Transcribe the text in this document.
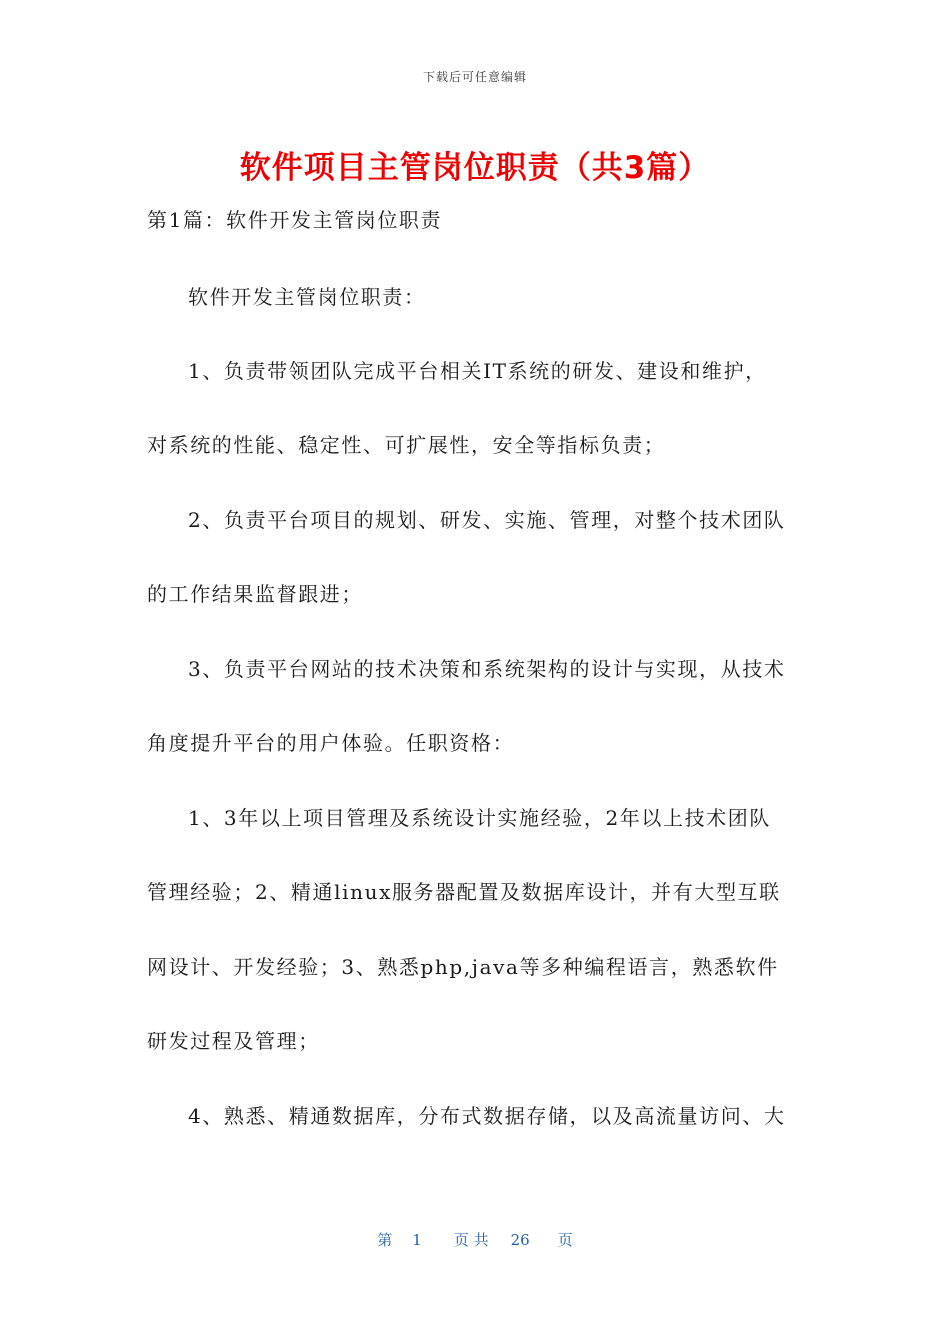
下载后可任意编辑
软件项目主管岗位职责（共3篇）
第1篇：软件开发主管岗位职责
软件开发主管岗位职责：
1、负责带领团队完成平台相关IT系统的研发、建设和维护，
对系统的性能、稳定性、可扩展性，安全等指标负责；
2、负责平台项目的规划、研发、实施、管理，对整个技术团队
的工作结果监督跟进；
3、负责平台网站的技术决策和系统架构的设计与实现，从技术
角度提升平台的用户体验。任职资格：
1、3年以上项目管理及系统设计实施经验，2年以上技术团队
管理经验；2、精通linux服务器配置及数据库设计，并有大型互联
网设计、开发经验；3、熟悉php,java等多种编程语言，熟悉软件
研发过程及管理；
4、熟悉、精通数据库，分布式数据存储，以及高流量访问、大
第 1 页 共 26 页
